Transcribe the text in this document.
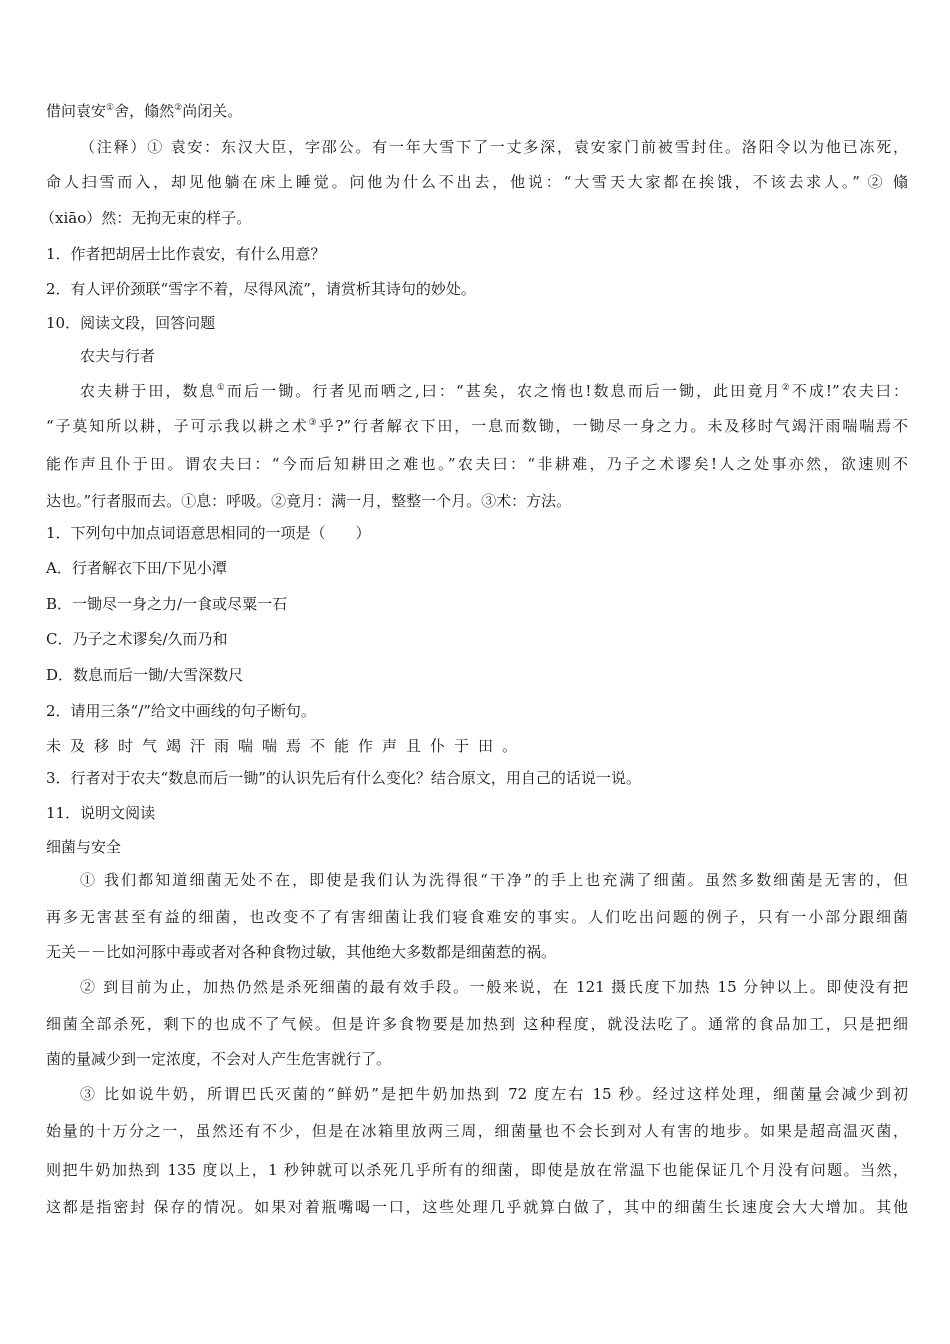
借问袁安①舍，翛然②尚闭关。
（注释）① 袁安：东汉大臣，字邵公。有一年大雪下了一丈多深，袁安家门前被雪封住。洛阳令以为他已冻死，
命人扫雪而入，却见他躺在床上睡觉。问他为什么不出去，他说：“大雪天大家都在挨饿，不该去求人。” ② 翛
（xiāo）然：无拘无束的样子。
1．作者把胡居士比作袁安，有什么用意？
2．有人评价颈联“雪字不着，尽得风流”，请赏析其诗句的妙处。
10．阅读文段，回答问题
农夫与行者
农夫耕于田，数息①而后一锄。行者见而哂之,曰：“甚矣，农之惰也!数息而后一锄，此田竟月②不成!”农夫曰：
“子莫知所以耕，子可示我以耕之术③乎?”行者解衣下田，一息而数锄，一锄尽一身之力。未及移时气竭汗雨喘喘焉不
能作声且仆于田。谓农夫曰：“今而后知耕田之难也。”农夫曰：“非耕难，乃子之术谬矣!人之处事亦然，欲速则不
达也。”行者服而去。①息：呼吸。②竟月：满一月，整整一个月。③术：方法。
1．下列句中加点词语意思相同的一项是（　　）
A．行者解衣下田/下见小潭
B．一锄尽一身之力/一食或尽粟一石
C．乃子之术谬矣/久而乃和
D．数息而后一锄/大雪深数尺
2．请用三条“/”给文中画线的句子断句。
未及移时气竭汗雨喘喘焉不能作声且仆于田。
3．行者对于农夫“数息而后一锄”的认识先后有什么变化？结合原文，用自己的话说一说。
11．说明文阅读
细菌与安全
① 我们都知道细菌无处不在，即使是我们认为洗得很“干净”的手上也充满了细菌。虽然多数细菌是无害的，但
再多无害甚至有益的细菌，也改变不了有害细菌让我们寝食难安的事实。人们吃出问题的例子，只有一小部分跟细菌
无关－－比如河豚中毒或者对各种食物过敏，其他绝大多数都是细菌惹的祸。
② 到目前为止，加热仍然是杀死细菌的最有效手段。一般来说，在 121 摄氏度下加热 15 分钟以上。即使没有把
细菌全部杀死，剩下的也成不了气候。但是许多食物要是加热到 这种程度，就没法吃了。通常的食品加工，只是把细
菌的量减少到一定浓度，不会对人产生危害就行了。
③ 比如说牛奶，所谓巴氏灭菌的“鲜奶”是把牛奶加热到 72 度左右 15 秒。经过这样处理，细菌量会减少到初
始量的十万分之一，虽然还有不少，但是在冰箱里放两三周，细菌量也不会长到对人有害的地步。如果是超高温灭菌，
则把牛奶加热到 135 度以上，1 秒钟就可以杀死几乎所有的细菌，即使是放在常温下也能保证几个月没有问题。当然，
这都是指密封 保存的情况。如果对着瓶嘴喝一口，这些处理几乎就算白做了，其中的细菌生长速度会大大增加。其他
